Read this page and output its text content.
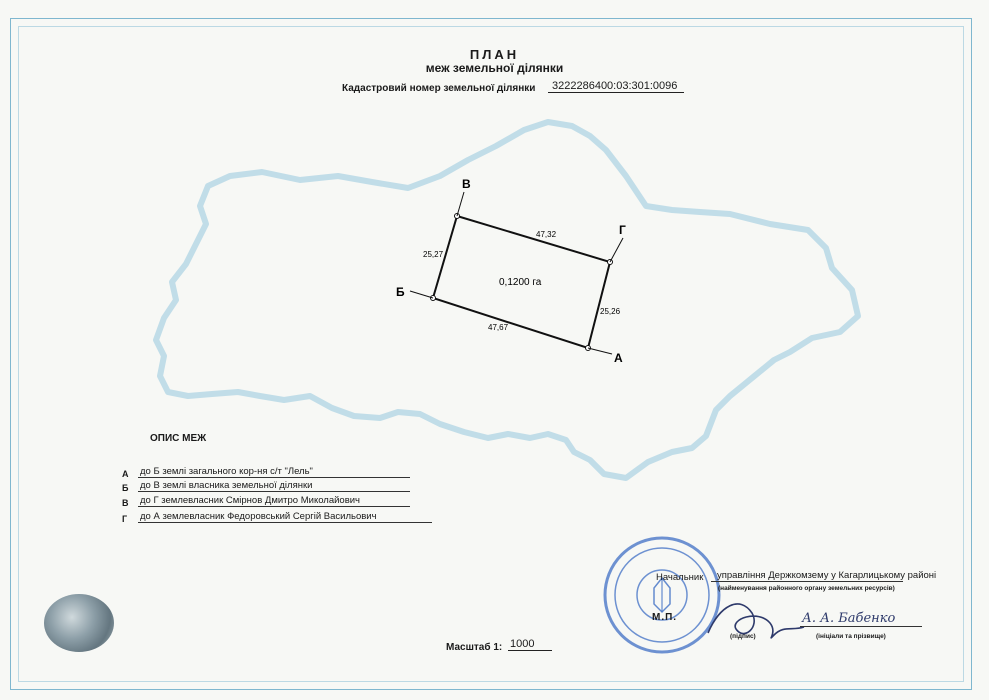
В
Г
А
Б
25,27
47,32
25,26
47,67
0,1200 га
ПЛАН
меж земельної ділянки
Кадастровий номер земельної ділянки	3222286400:03:301:0096
ОПИС МЕЖ
А	до Б землі загального кор-ня с/т "Лель"
Б	до В землі власника земельної ділянки
В	до Г землевласник Смірнов Дмитро Миколайович
Г	до А землевласник Федоровський Сергій Васильович
Масштаб 1: 1000
Начальник	управління Держкомзему у Кагарлицькому районі
(найменування районного органу земельних ресурсів)
М.П.	А. А. Бабенко
(підпис)	(ініціали та прізвище)
